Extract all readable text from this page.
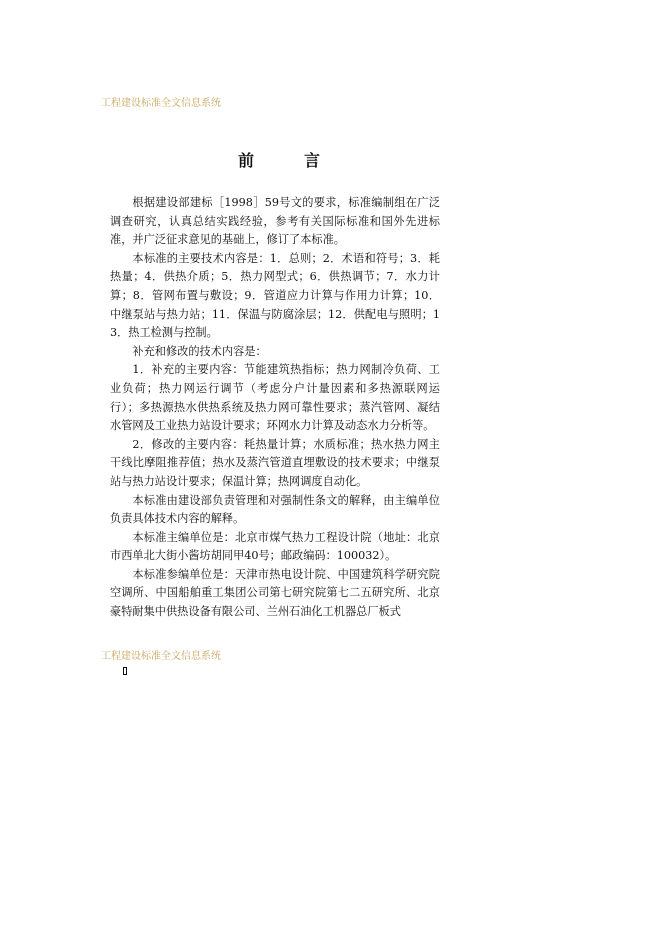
工程建设标准全文信息系统
前　言

根据建设部建标［1998］59号文的要求，标准编制组在广泛调查研究，认真总结实践经验，参考有关国际标准和国外先进标准，并广泛征求意见的基础上，修订了本标准。

本标准的主要技术内容是：1．总则；2．术语和符号；3．耗热量；4．供热介质；5．热力网型式；6．供热调节；7．水力计算；8．管网布置与敷设；9．管道应力计算与作用力计算；10．中继泵站与热力站；11．保温与防腐涂层；12．供配电与照明；13．热工检测与控制。

补充和修改的技术内容是：

1．补充的主要内容：节能建筑热指标；热力网制冷负荷、工业负荷；热力网运行调节（考虑分户计量因素和多热源联网运行）；多热源热水供热系统及热力网可靠性要求；蒸汽管网、凝结水管网及工业热力站设计要求；环网水力计算及动态水力分析等。

2．修改的主要内容：耗热量计算；水质标准；热水热力网主干线比摩阻推荐值；热水及蒸汽管道直埋敷设的技术要求；中继泵站与热力站设计要求；保温计算；热网调度自动化。

本标准由建设部负责管理和对强制性条文的解释，由主编单位负责具体技术内容的解释。

本标准主编单位是：北京市煤气热力工程设计院（地址：北京市西单北大街小酱坊胡同甲40号；邮政编码：100032）。

本标准参编单位是：天津市热电设计院、中国建筑科学研究院空调所、中国船舶重工集团公司第七研究院第七二五研究所、北京豪特耐集中供热设备有限公司、兰州石油化工机器总厂板式

工程建设标准全文信息系统
